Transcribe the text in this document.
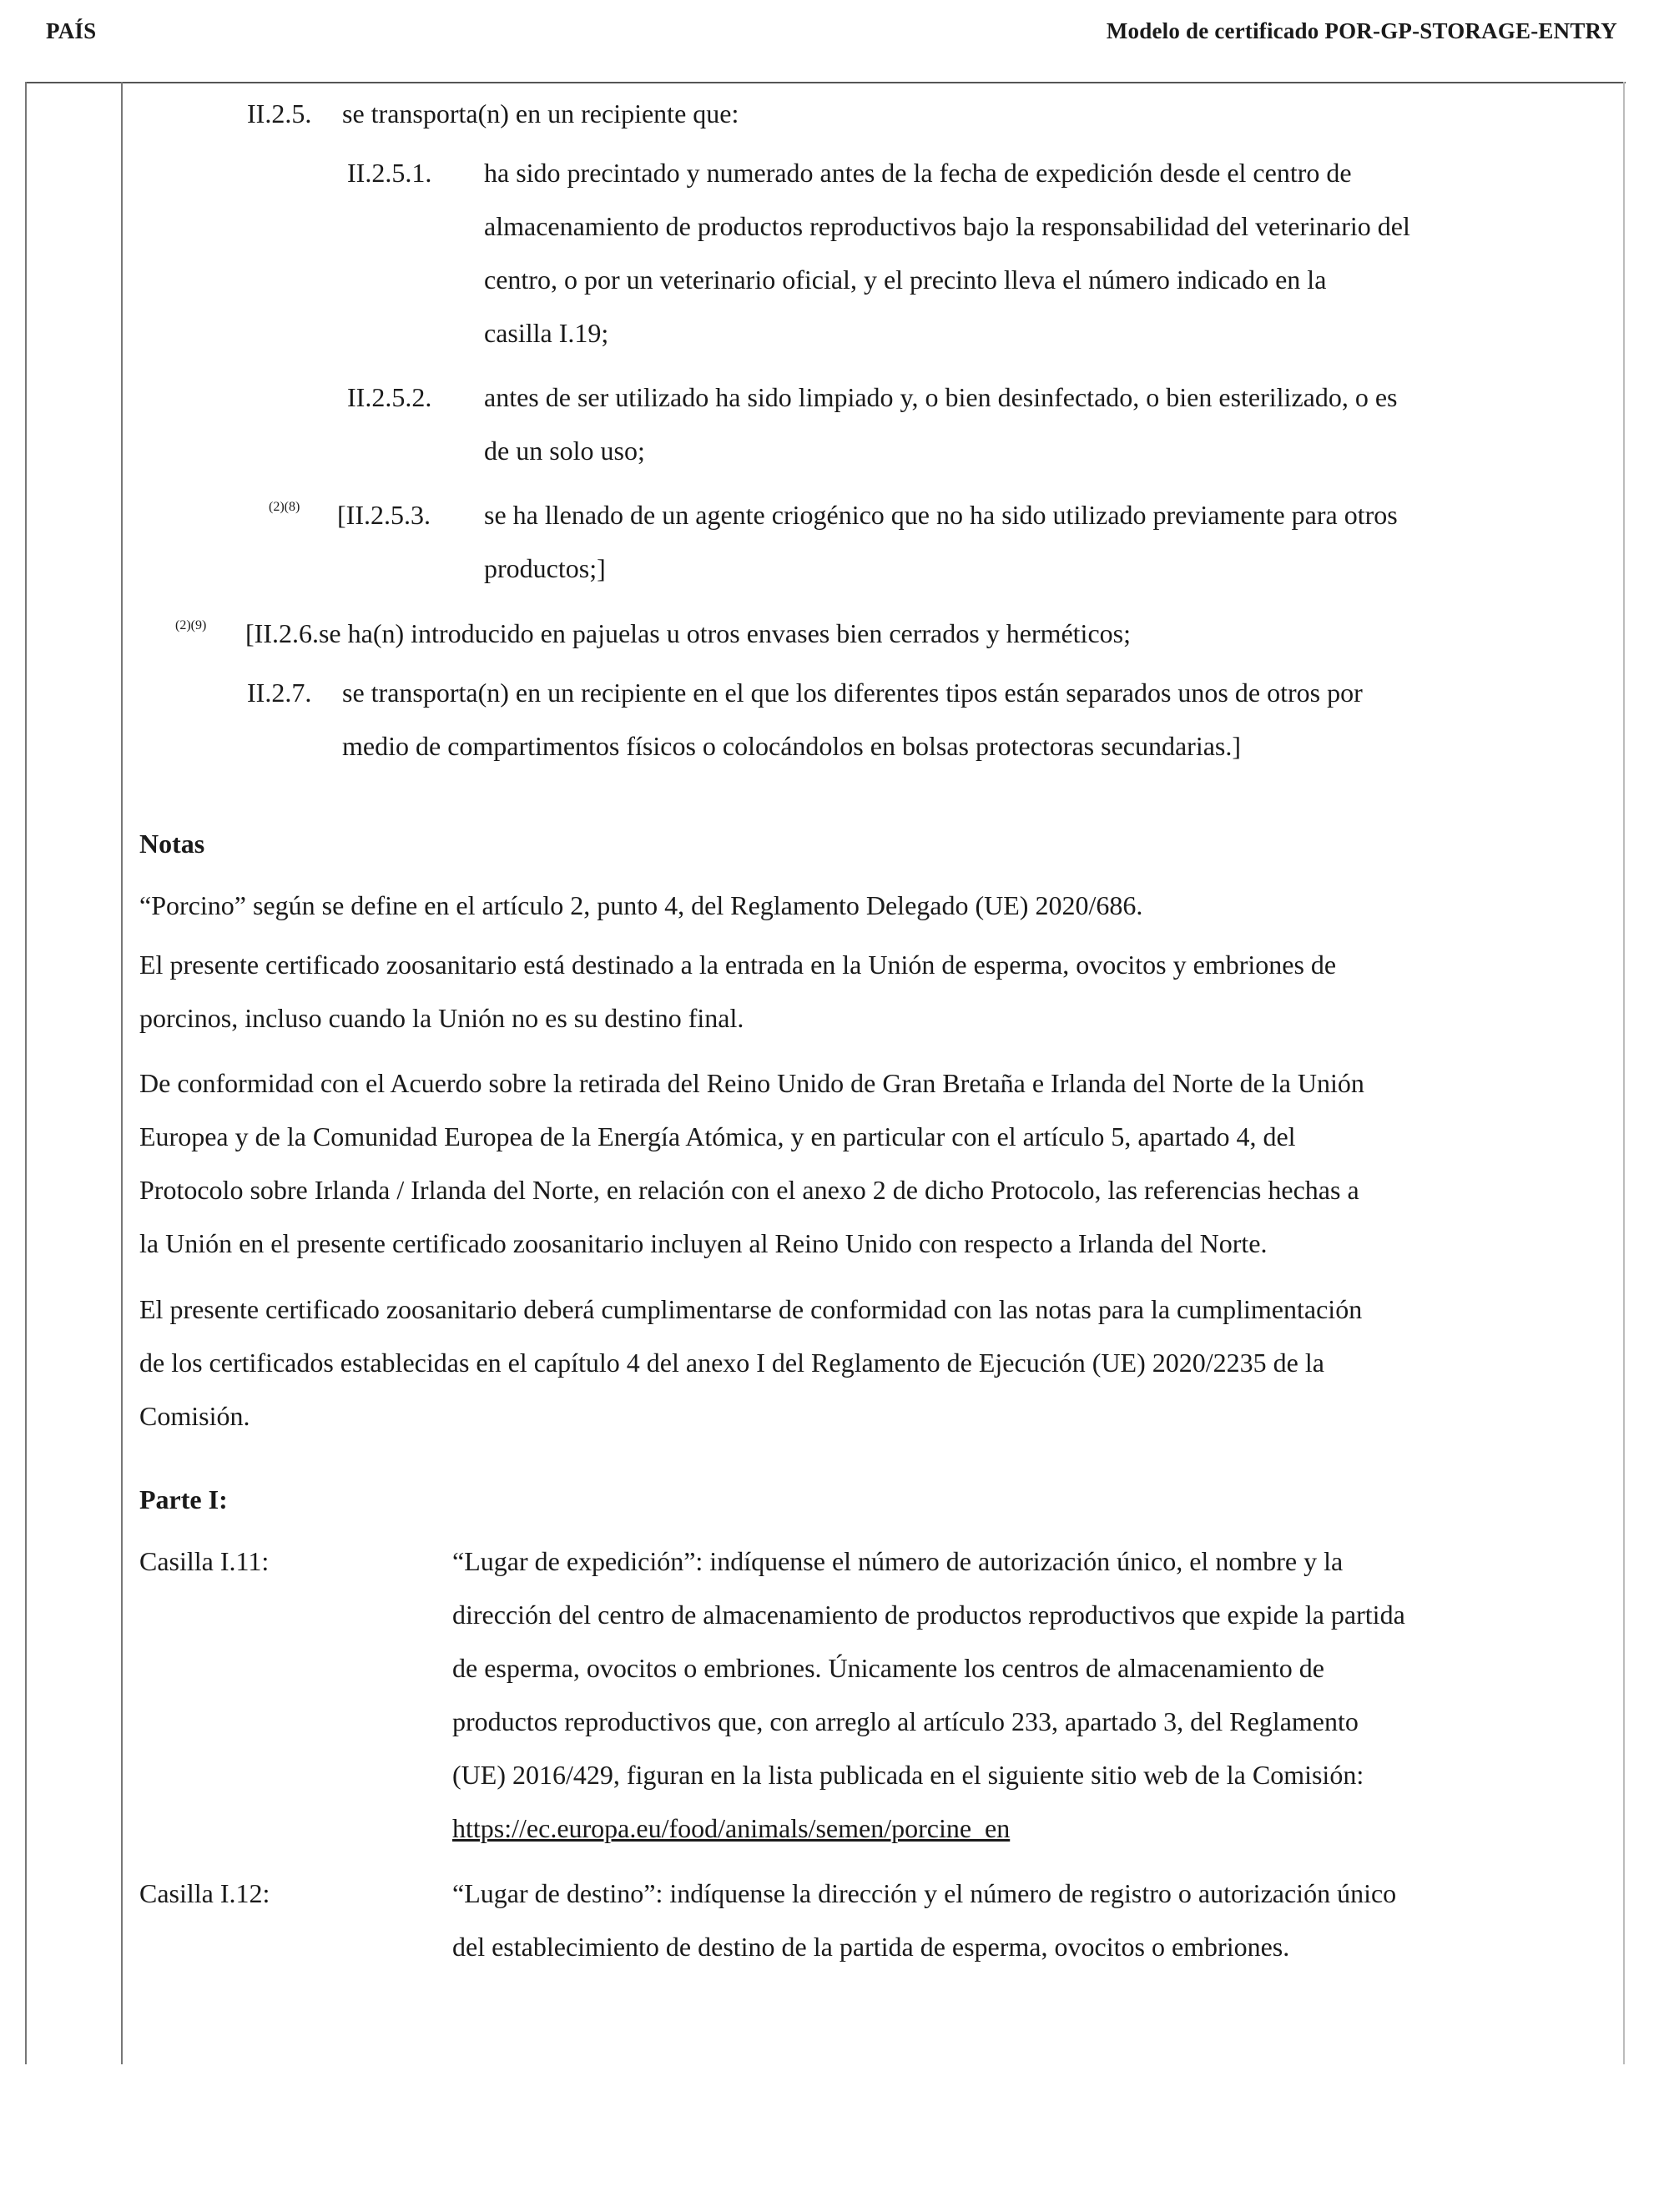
PAÍS	Modelo de certificado POR-GP-STORAGE-ENTRY
II.2.5. se transporta(n) en un recipiente que:
II.2.5.1. ha sido precintado y numerado antes de la fecha de expedición desde el centro de
almacenamiento de productos reproductivos bajo la responsabilidad del veterinario del
centro, o por un veterinario oficial, y el precinto lleva el número indicado en la
casilla I.19;
II.2.5.2. antes de ser utilizado ha sido limpiado y, o bien desinfectado, o bien esterilizado, o es
de un solo uso;
(2)(8) [II.2.5.3. se ha llenado de un agente criogénico que no ha sido utilizado previamente para otros
productos;]
(2)(9) [II.2.6.se ha(n) introducido en pajuelas u otros envases bien cerrados y herméticos;
II.2.7. se transporta(n) en un recipiente en el que los diferentes tipos están separados unos de otros por
medio de compartimentos físicos o colocándolos en bolsas protectoras secundarias.]
Notas
“Porcino” según se define en el artículo 2, punto 4, del Reglamento Delegado (UE) 2020/686.
El presente certificado zoosanitario está destinado a la entrada en la Unión de esperma, ovocitos y embriones de
porcinos, incluso cuando la Unión no es su destino final.
De conformidad con el Acuerdo sobre la retirada del Reino Unido de Gran Bretaña e Irlanda del Norte de la Unión
Europea y de la Comunidad Europea de la Energía Atómica, y en particular con el artículo 5, apartado 4, del
Protocolo sobre Irlanda / Irlanda del Norte, en relación con el anexo 2 de dicho Protocolo, las referencias hechas a
la Unión en el presente certificado zoosanitario incluyen al Reino Unido con respecto a Irlanda del Norte.
El presente certificado zoosanitario deberá cumplimentarse de conformidad con las notas para la cumplimentación
de los certificados establecidas en el capítulo 4 del anexo I del Reglamento de Ejecución (UE) 2020/2235 de la
Comisión.
Parte I:
Casilla I.11:	“Lugar de expedición”: indíquense el número de autorización único, el nombre y la
dirección del centro de almacenamiento de productos reproductivos que expide la partida
de esperma, ovocitos o embriones. Únicamente los centros de almacenamiento de
productos reproductivos que, con arreglo al artículo 233, apartado 3, del Reglamento
(UE) 2016/429, figuran en la lista publicada en el siguiente sitio web de la Comisión:
https://ec.europa.eu/food/animals/semen/porcine_en
Casilla I.12:	“Lugar de destino”: indíquense la dirección y el número de registro o autorización único
del establecimiento de destino de la partida de esperma, ovocitos o embriones.
